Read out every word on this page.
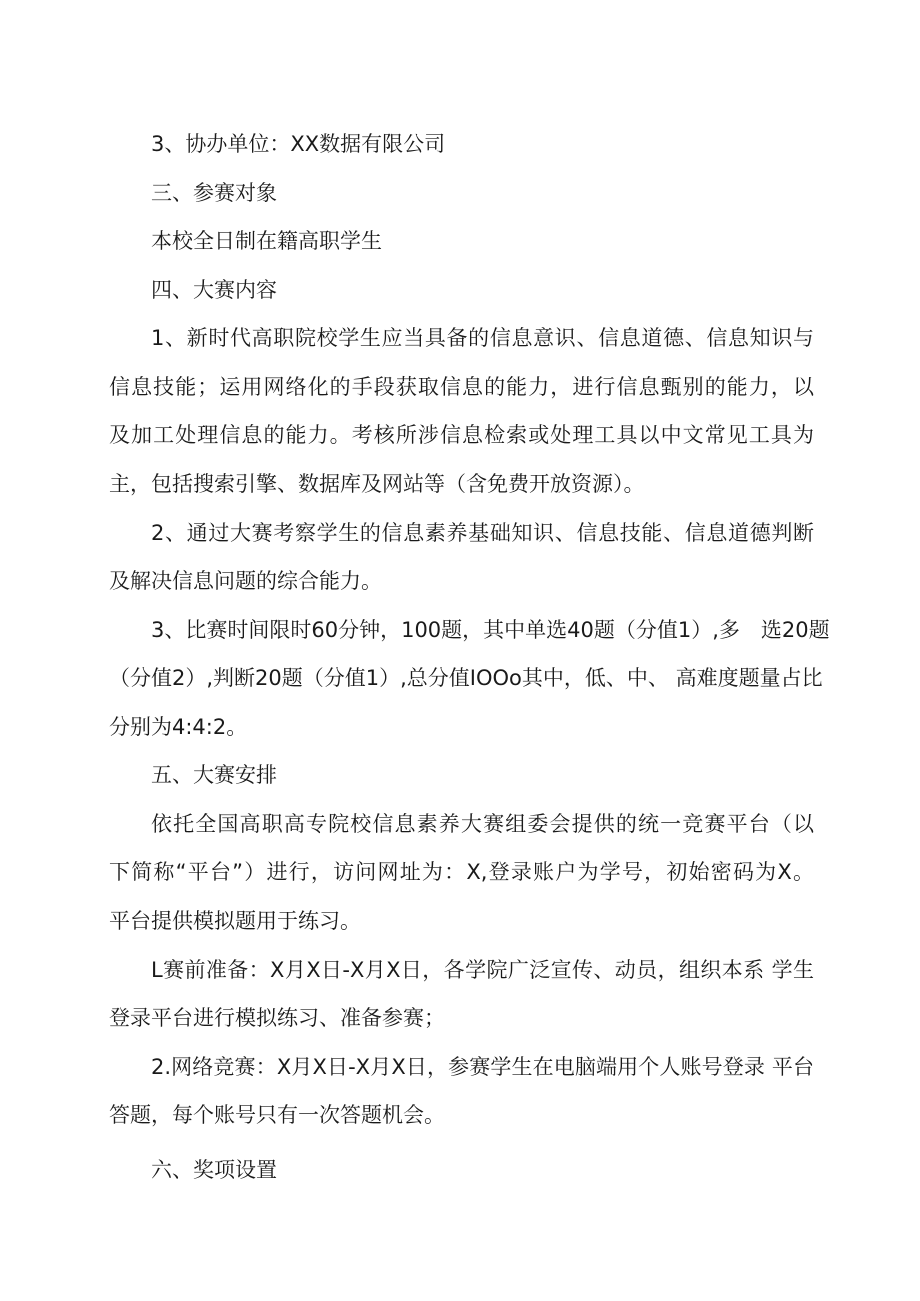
3、协办单位：XX数据有限公司
三、参赛对象
本校全日制在籍高职学生
四、大赛内容
1、新时代高职院校学生应当具备的信息意识、信息道德、信息知识与
信息技能；运用网络化的手段获取信息的能力，进行信息甄别的能力，以
及加工处理信息的能力。考核所涉信息检索或处理工具以中文常见工具为
主，包括搜索引擎、数据库及网站等（含免费开放资源）。
2、通过大赛考察学生的信息素养基础知识、信息技能、信息道德判断
及解决信息问题的综合能力。
3、比赛时间限时60分钟，100题，其中单选40题（分值1）,多　选20题
（分值2）,判断20题（分值1）,总分值IOOo其中，低、中、 高难度题量占比
分别为4:4:2。
五、大赛安排
依托全国高职高专院校信息素养大赛组委会提供的统一竞赛平台（以
下简称“平台”）进行，访问网址为：X,登录账户为学号，初始密码为X。
平台提供模拟题用于练习。
L赛前准备：X月X日-X月X日，各学院广泛宣传、动员，组织本系 学生
登录平台进行模拟练习、准备参赛；
2.网络竞赛：X月X日-X月X日，参赛学生在电脑端用个人账号登录 平台
答题，每个账号只有一次答题机会。
六、奖项设置
